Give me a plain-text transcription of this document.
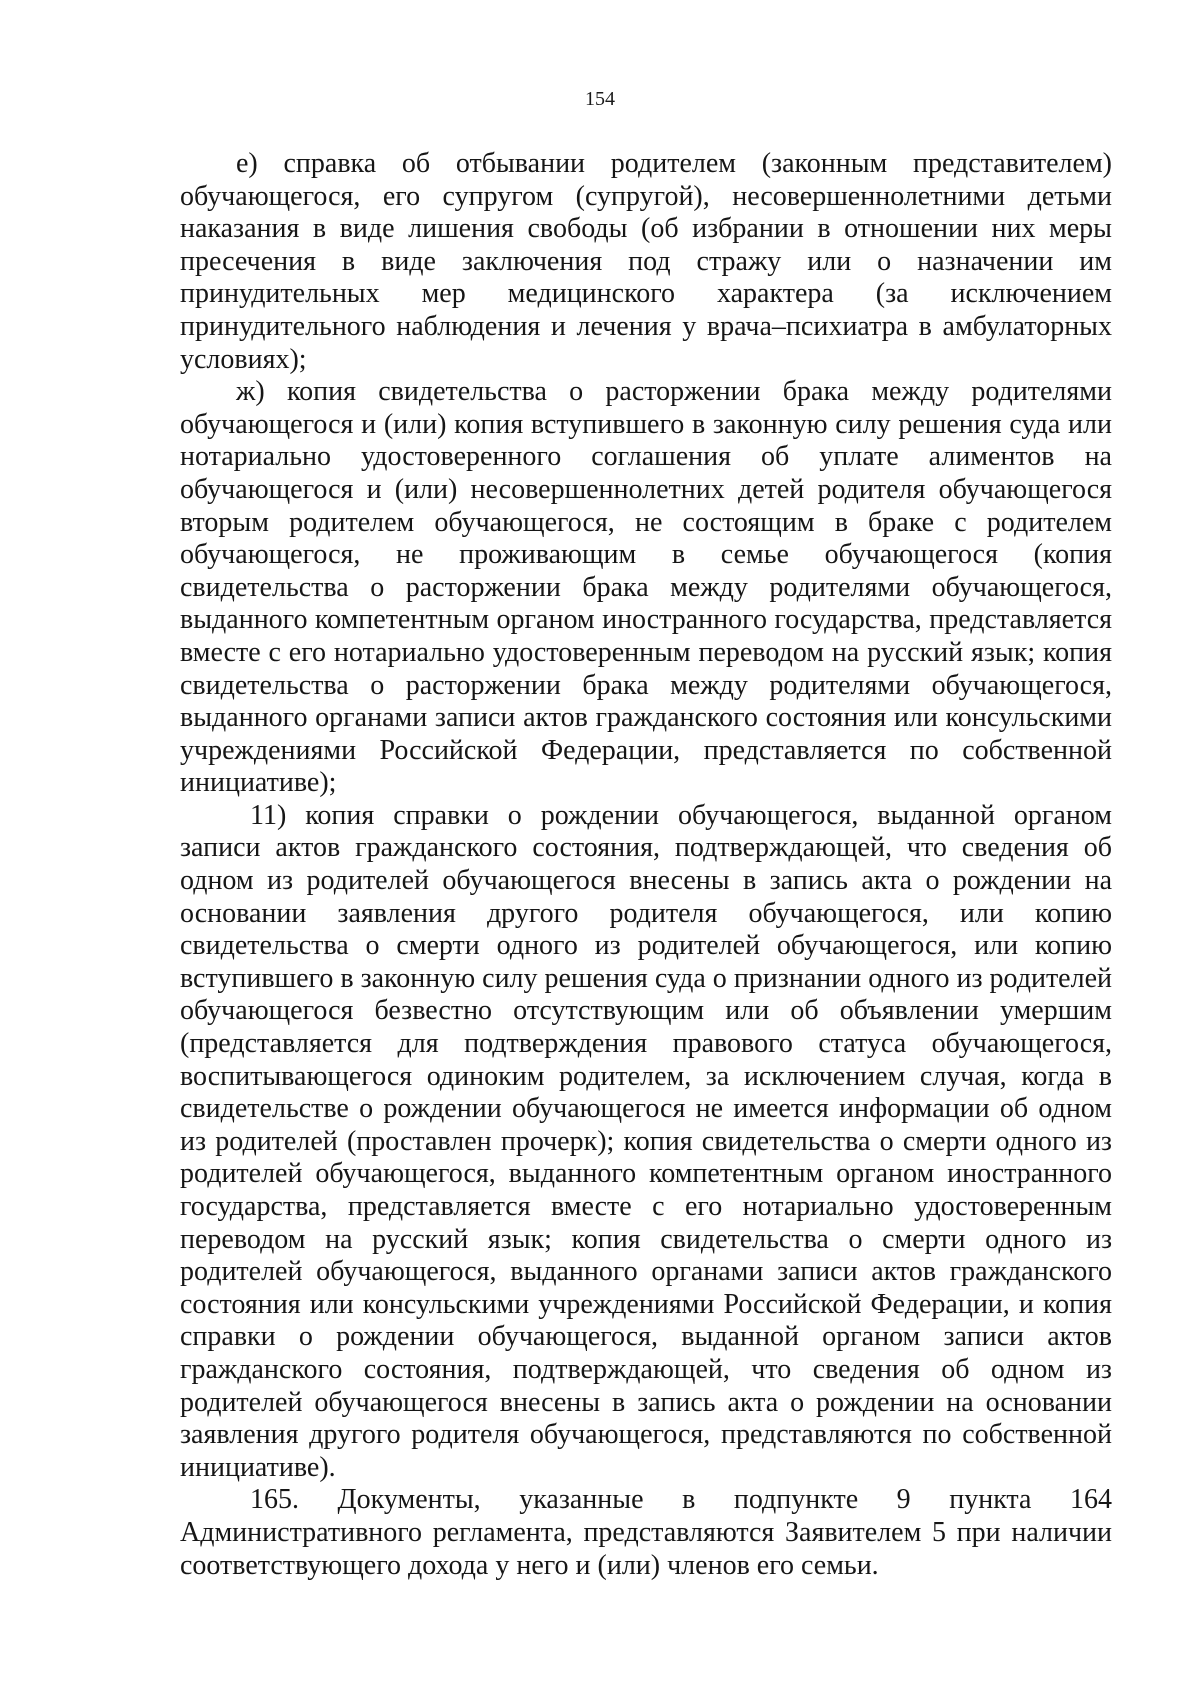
154

е) справка об отбывании родителем (законным представителем) обучающегося, его супругом (супругой), несовершеннолетними детьми наказания в виде лишения свободы (об избрании в отношении них меры пресечения в виде заключения под стражу или о назначении им принудительных мер медицинского характера (за исключением принудительного наблюдения и лечения у врача–психиатра в амбулаторных условиях);

ж) копия свидетельства о расторжении брака между родителями обучающегося и (или) копия вступившего в законную силу решения суда или нотариально удостоверенного соглашения об уплате алиментов на обучающегося и (или) несовершеннолетних детей родителя обучающегося вторым родителем обучающегося, не состоящим в браке с родителем обучающегося, не проживающим в семье обучающегося (копия свидетельства о расторжении брака между родителями обучающегося, выданного компетентным органом иностранного государства, представляется вместе с его нотариально удостоверенным переводом на русский язык; копия свидетельства о расторжении брака между родителями обучающегося, выданного органами записи актов гражданского состояния или консульскими учреждениями Российской Федерации, представляется по собственной инициативе);

11) копия справки о рождении обучающегося, выданной органом записи актов гражданского состояния, подтверждающей, что сведения об одном из родителей обучающегося внесены в запись акта о рождении на основании заявления другого родителя обучающегося, или копию свидетельства о смерти одного из родителей обучающегося, или копию вступившего в законную силу решения суда о признании одного из родителей обучающегося безвестно отсутствующим или об объявлении умершим (представляется для подтверждения правового статуса обучающегося, воспитывающегося одиноким родителем, за исключением случая, когда в свидетельстве о рождении обучающегося не имеется информации об одном из родителей (проставлен прочерк); копия свидетельства о смерти одного из родителей обучающегося, выданного компетентным органом иностранного государства, представляется вместе с его нотариально удостоверенным переводом на русский язык; копия свидетельства о смерти одного из родителей обучающегося, выданного органами записи актов гражданского состояния или консульскими учреждениями Российской Федерации, и копия справки о рождении обучающегося, выданной органом записи актов гражданского состояния, подтверждающей, что сведения об одном из родителей обучающегося внесены в запись акта о рождении на основании заявления другого родителя обучающегося, представляются по собственной инициативе).

165. Документы, указанные в подпункте 9 пункта 164 Административного регламента, представляются Заявителем 5 при наличии соответствующего дохода у него и (или) членов его семьи.
